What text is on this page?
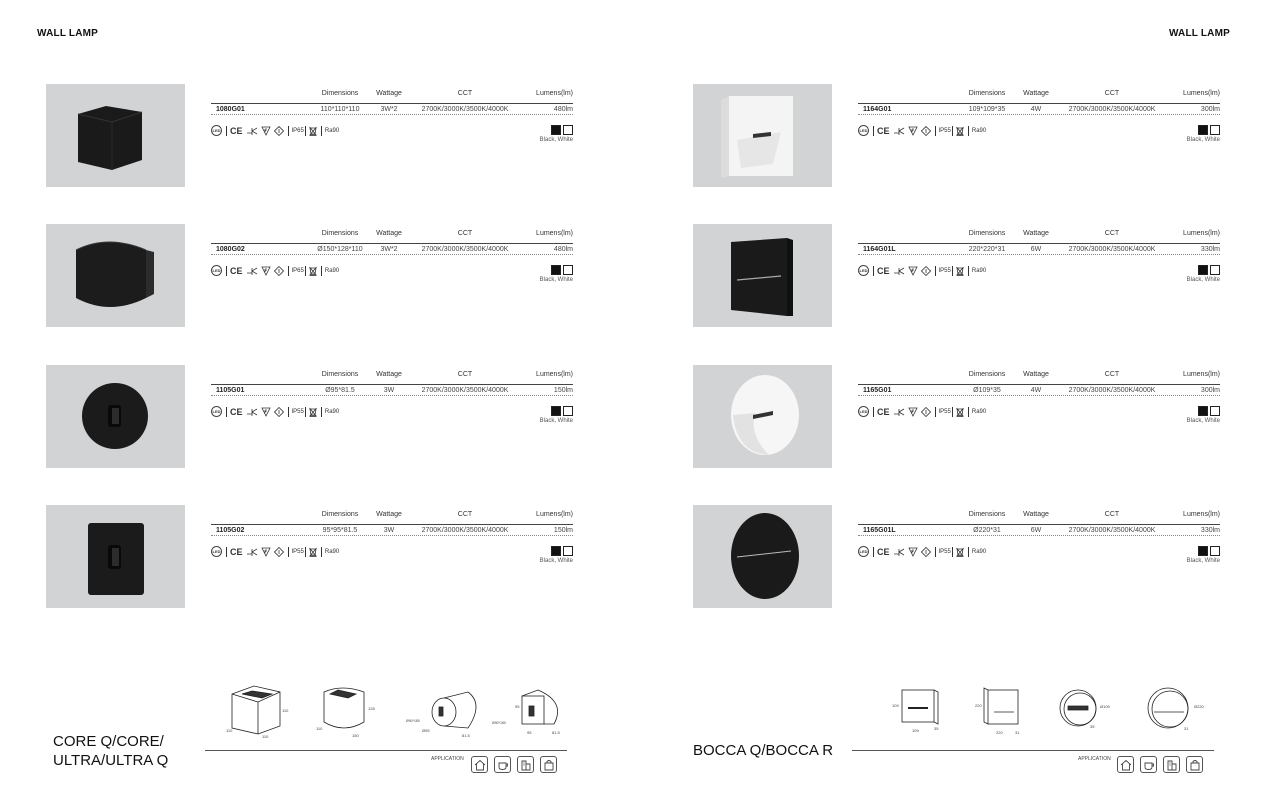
WALL LAMP	WALL LAMP
Dimensions	Wattage	CCT	Lumens(lm)
1080G01	110*110*110	3W*2	2700K/3000K/3500K/4000K	480lm
LED CE	IP65	Ra90
Black, White
Dimensions	Wattage	CCT	Lumens(lm)
1080G02	Ø150*128*110	3W*2	2700K/3000K/3500K/4000K	480lm
LED CE	IP65	Ra90
Black, White
Dimensions	Wattage	CCT	Lumens(lm)
1105G01	Ø95*81.5	3W	2700K/3000K/3500K/4000K	150lm
LED CE	IP55	Ra90
Black, White
Dimensions	Wattage	CCT	Lumens(lm)
1105G02	95*95*81.5	3W	2700K/3000K/3500K/4000K	150lm
LED CE	IP55	Ra90
Black, White
Dimensions	Wattage	CCT	Lumens(lm)
1164G01	109*109*35	4W	2700K/3000K/3500K/4000K	300lm
LED CE	IP55	Ra90
Black, White
Dimensions	Wattage	CCT	Lumens(lm)
1164G01L	220*220*31	6W	2700K/3000K/3500K/4000K	330lm
LED CE	IP55	Ra90
Black, White
Dimensions	Wattage	CCT	Lumens(lm)
1165G01	Ø109*35	4W	2700K/3000K/3500K/4000K	300lm
LED CE	IP55	Ra90
Black, White
Dimensions	Wattage	CCT	Lumens(lm)
1165G01L	Ø220*31	6W	2700K/3000K/3500K/4000K	330lm
LED CE	IP55	Ra90
Black, White
CORE Q/CORE/
ULTRA/ULTRA Q	APPLICATION	BOCCA Q/BOCCA R	APPLICATION
110
110
110
128
110
150
Ø90*180
Ø95
81.5
Ø90*180
95
95	81.5
109
109	35
220
220	31
Ø109
35
Ø220
31
